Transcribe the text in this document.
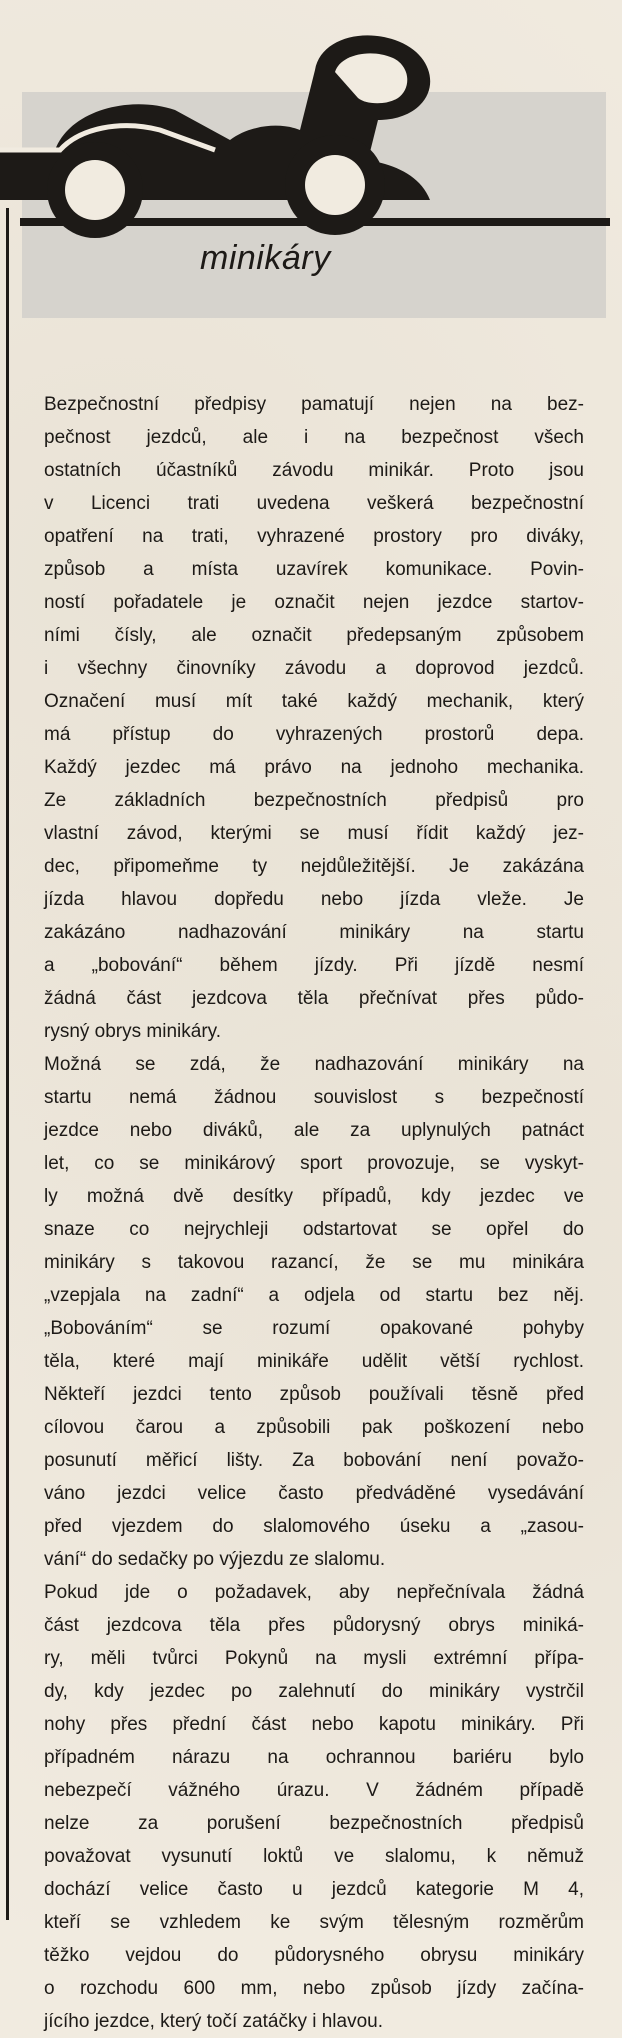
minikáry
Bezpečnostní předpisy pamatují nejen na bez-
pečnost jezdců, ale i na bezpečnost všech
ostatních účastníků závodu minikár. Proto jsou
v Licenci trati uvedena veškerá bezpečnostní
opatření na trati, vyhrazené prostory pro diváky,
způsob a místa uzavírek komunikace. Povin-
ností pořadatele je označit nejen jezdce startov-
ními čísly, ale označit předepsaným způsobem
i všechny činovníky závodu a doprovod jezdců.
Označení musí mít také každý mechanik, který
má přístup do vyhrazených prostorů depa.
Každý jezdec má právo na jednoho mechanika.
Ze základních bezpečnostních předpisů pro
vlastní závod, kterými se musí řídit každý jez-
dec, připomeňme ty nejdůležitější. Je zakázána
jízda hlavou dopředu nebo jízda vleže. Je
zakázáno nadhazování minikáry na startu
a „bobování“ během jízdy. Při jízdě nesmí
žádná část jezdcova těla přečnívat přes půdo-
rysný obrys minikáry.
Možná se zdá, že nadhazování minikáry na
startu nemá žádnou souvislost s bezpečností
jezdce nebo diváků, ale za uplynulých patnáct
let, co se minikárový sport provozuje, se vyskyt-
ly možná dvě desítky případů, kdy jezdec ve
snaze co nejrychleji odstartovat se opřel do
minikáry s takovou razancí, že se mu minikára
„vzepjala na zadní“ a odjela od startu bez něj.
„Bobováním“ se rozumí opakované pohyby
těla, které mají minikáře udělit větší rychlost.
Někteří jezdci tento způsob používali těsně před
cílovou čarou a způsobili pak poškození nebo
posunutí měřicí lišty. Za bobování není považo-
váno jezdci velice často předváděné vysedávání
před vjezdem do slalomového úseku a „zasou-
vání“ do sedačky po výjezdu ze slalomu.
Pokud jde o požadavek, aby nepřečnívala žádná
část jezdcova těla přes půdorysný obrys miniká-
ry, měli tvůrci Pokynů na mysli extrémní přípa-
dy, kdy jezdec po zalehnutí do minikáry vystrčil
nohy přes přední část nebo kapotu minikáry. Při
případném nárazu na ochrannou bariéru bylo
nebezpečí vážného úrazu. V žádném případě
nelze za porušení bezpečnostních předpisů
považovat vysunutí loktů ve slalomu, k němuž
dochází velice často u jezdců kategorie M 4,
kteří se vzhledem ke svým tělesným rozměrům
těžko vejdou do půdorysného obrysu minikáry
o rozchodu 600 mm, nebo způsob jízdy začína-
jícího jezdce, který točí zatáčky i hlavou.
